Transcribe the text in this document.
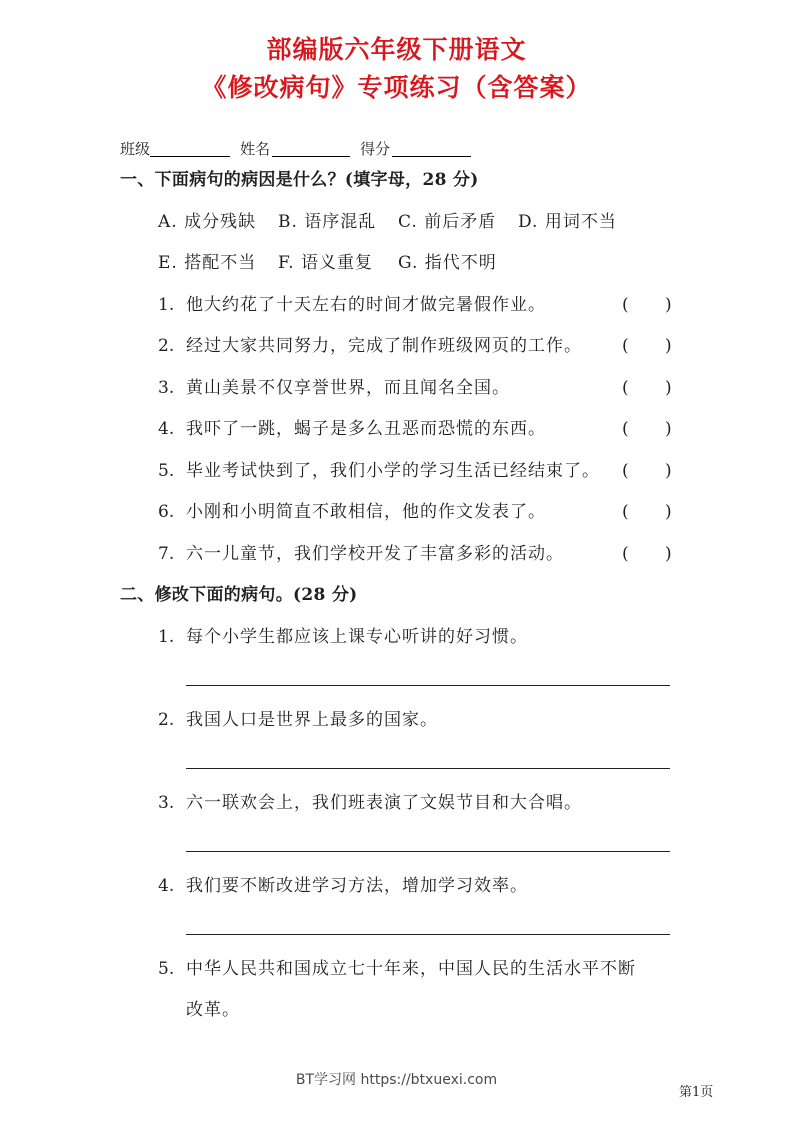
部编版六年级下册语文
《修改病句》专项练习（含答案）
班级	姓名	得分
一、下面病句的病因是什么？(填字母，28 分)
A. 成分残缺	B. 语序混乱	C. 前后矛盾	D. 用词不当
E. 搭配不当	F. 语义重复	G. 指代不明
1. 他大约花了十天左右的时间才做完暑假作业。	( )
2. 经过大家共同努力，完成了制作班级网页的工作。 ( )
3. 黄山美景不仅享誉世界，而且闻名全国。	( )
4. 我吓了一跳，蝎子是多么丑恶而恐慌的东西。	( )
5. 毕业考试快到了，我们小学的学习生活已经结束了。 ( )
6. 小刚和小明简直不敢相信，他的作文发表了。	( )
7. 六一儿童节，我们学校开发了丰富多彩的活动。	( )
二、修改下面的病句。(28 分)
1. 每个小学生都应该上课专心听讲的好习惯。
2. 我国人口是世界上最多的国家。
3. 六一联欢会上，我们班表演了文娱节目和大合唱。
4. 我们要不断改进学习方法，增加学习效率。
5. 中华人民共和国成立七十年来，中国人民的生活水平不断
改革。
BT学习网 https://btxuexi.com
第1页
